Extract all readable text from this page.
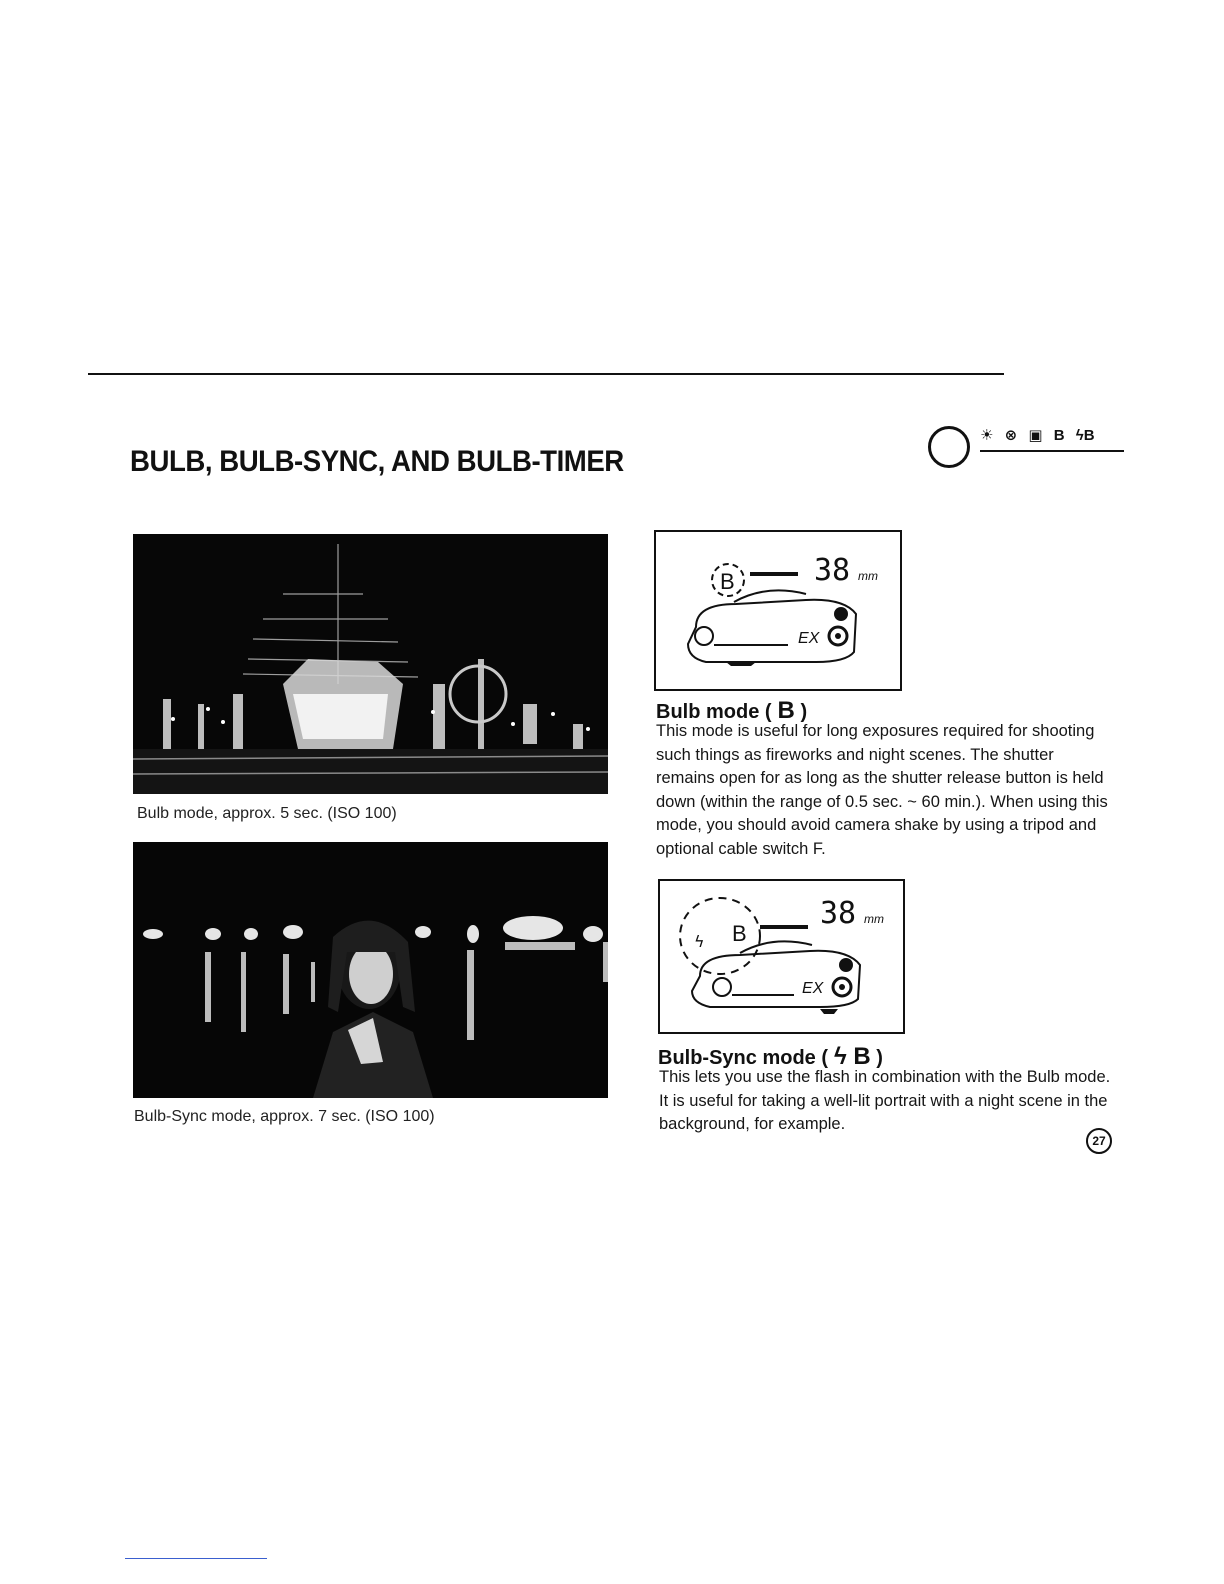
BULB, BULB-SYNC, AND BULB-TIMER
☀ ⊗ ▣ B ϟB
Bulb mode, approx. 5 sec. (ISO 100)
Bulb-Sync mode, approx. 7 sec. (ISO 100)
B	38 mm
EX
Bulb mode ( B )
This mode is useful for long exposures required for shooting such things as fireworks and night scenes. The shutter remains open for as long as the shutter release button is held down (within the range of 0.5 sec. ~ 60 min.). When using this mode, you should avoid camera shake by using a tripod and optional cable switch F.
ϟ B
38 mm
EX
Bulb-Sync mode ( ϟ B )
This lets you use the flash in combination with the Bulb mode. It is useful for taking a well-lit portrait with a night scene in the background, for example.
27
